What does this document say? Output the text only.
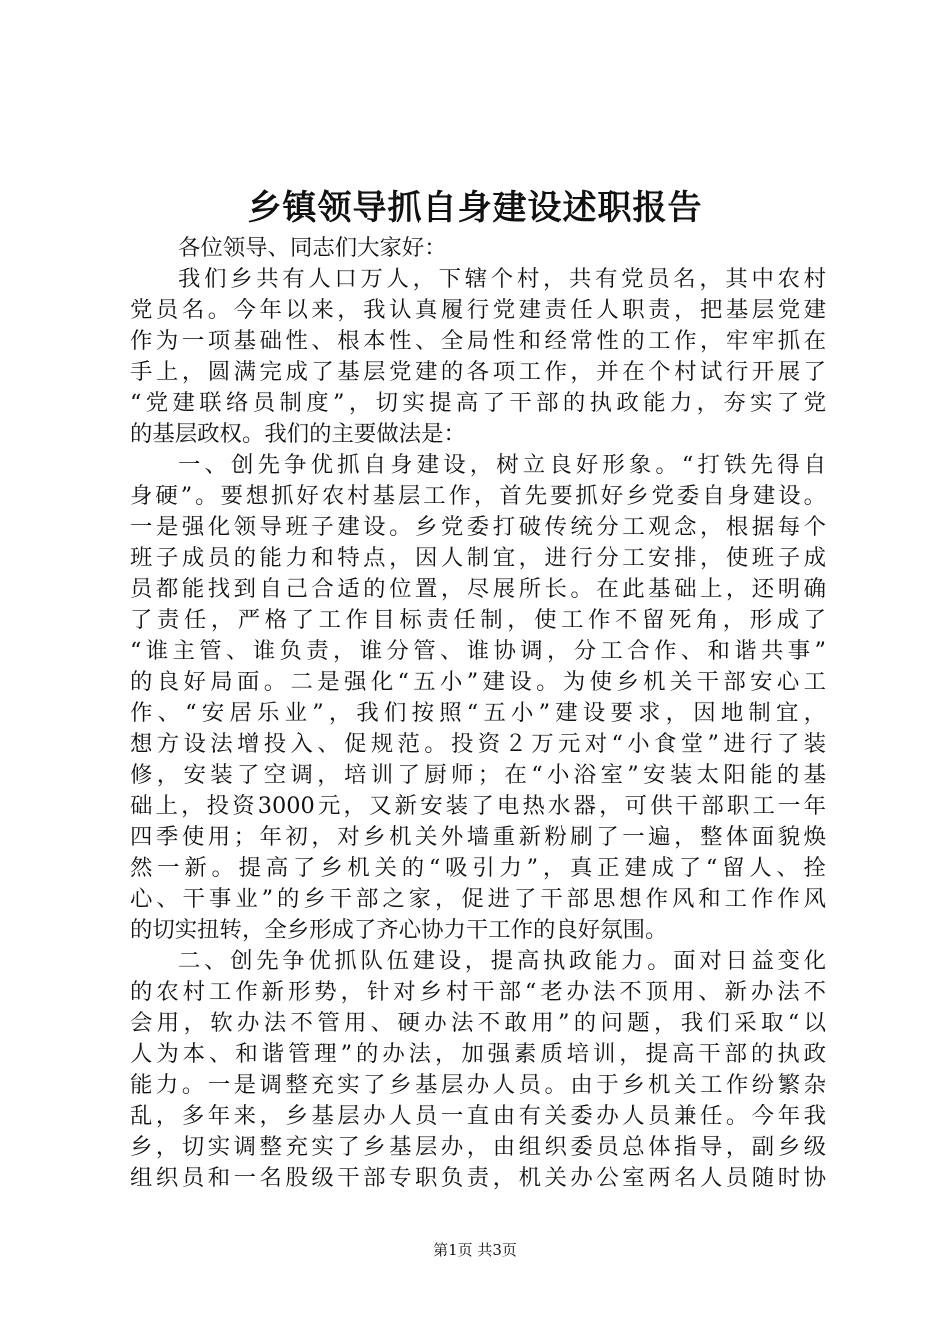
乡镇领导抓自身建设述职报告
各位领导、同志们大家好：
我们乡共有人口万人，下辖个村，共有党员名，其中农村
党员名。今年以来，我认真履行党建责任人职责，把基层党建
作为一项基础性、根本性、全局性和经常性的工作，牢牢抓在
手上，圆满完成了基层党建的各项工作，并在个村试行开展了
“党建联络员制度”，切实提高了干部的执政能力，夯实了党
的基层政权。我们的主要做法是：
一、创先争优抓自身建设，树立良好形象。“打铁先得自
身硬”。要想抓好农村基层工作，首先要抓好乡党委自身建设。
一是强化领导班子建设。乡党委打破传统分工观念，根据每个
班子成员的能力和特点，因人制宜，进行分工安排，使班子成
员都能找到自己合适的位置，尽展所长。在此基础上，还明确
了责任，严格了工作目标责任制，使工作不留死角，形成了
“谁主管、谁负责，谁分管、谁协调，分工合作、和谐共事”
的良好局面。二是强化“五小”建设。为使乡机关干部安心工
作、“安居乐业”，我们按照“五小”建设要求，因地制宜，
想方设法增投入、促规范。投资２万元对“小食堂”进行了装
修，安装了空调，培训了厨师；在“小浴室”安装太阳能的基
础上，投资3000元，又新安装了电热水器，可供干部职工一年
四季使用；年初，对乡机关外墙重新粉刷了一遍，整体面貌焕
然一新。提高了乡机关的“吸引力”，真正建成了“留人、拴
心、干事业”的乡干部之家，促进了干部思想作风和工作作风
的切实扭转，全乡形成了齐心协力干工作的良好氛围。
二、创先争优抓队伍建设，提高执政能力。面对日益变化
的农村工作新形势，针对乡村干部“老办法不顶用、新办法不
会用，软办法不管用、硬办法不敢用”的问题，我们采取“以
人为本、和谐管理”的办法，加强素质培训，提高干部的执政
能力。一是调整充实了乡基层办人员。由于乡机关工作纷繁杂
乱，多年来，乡基层办人员一直由有关委办人员兼任。今年我
乡，切实调整充实了乡基层办，由组织委员总体指导，副乡级
组织员和一名股级干部专职负责，机关办公室两名人员随时协
第1页 共3页
